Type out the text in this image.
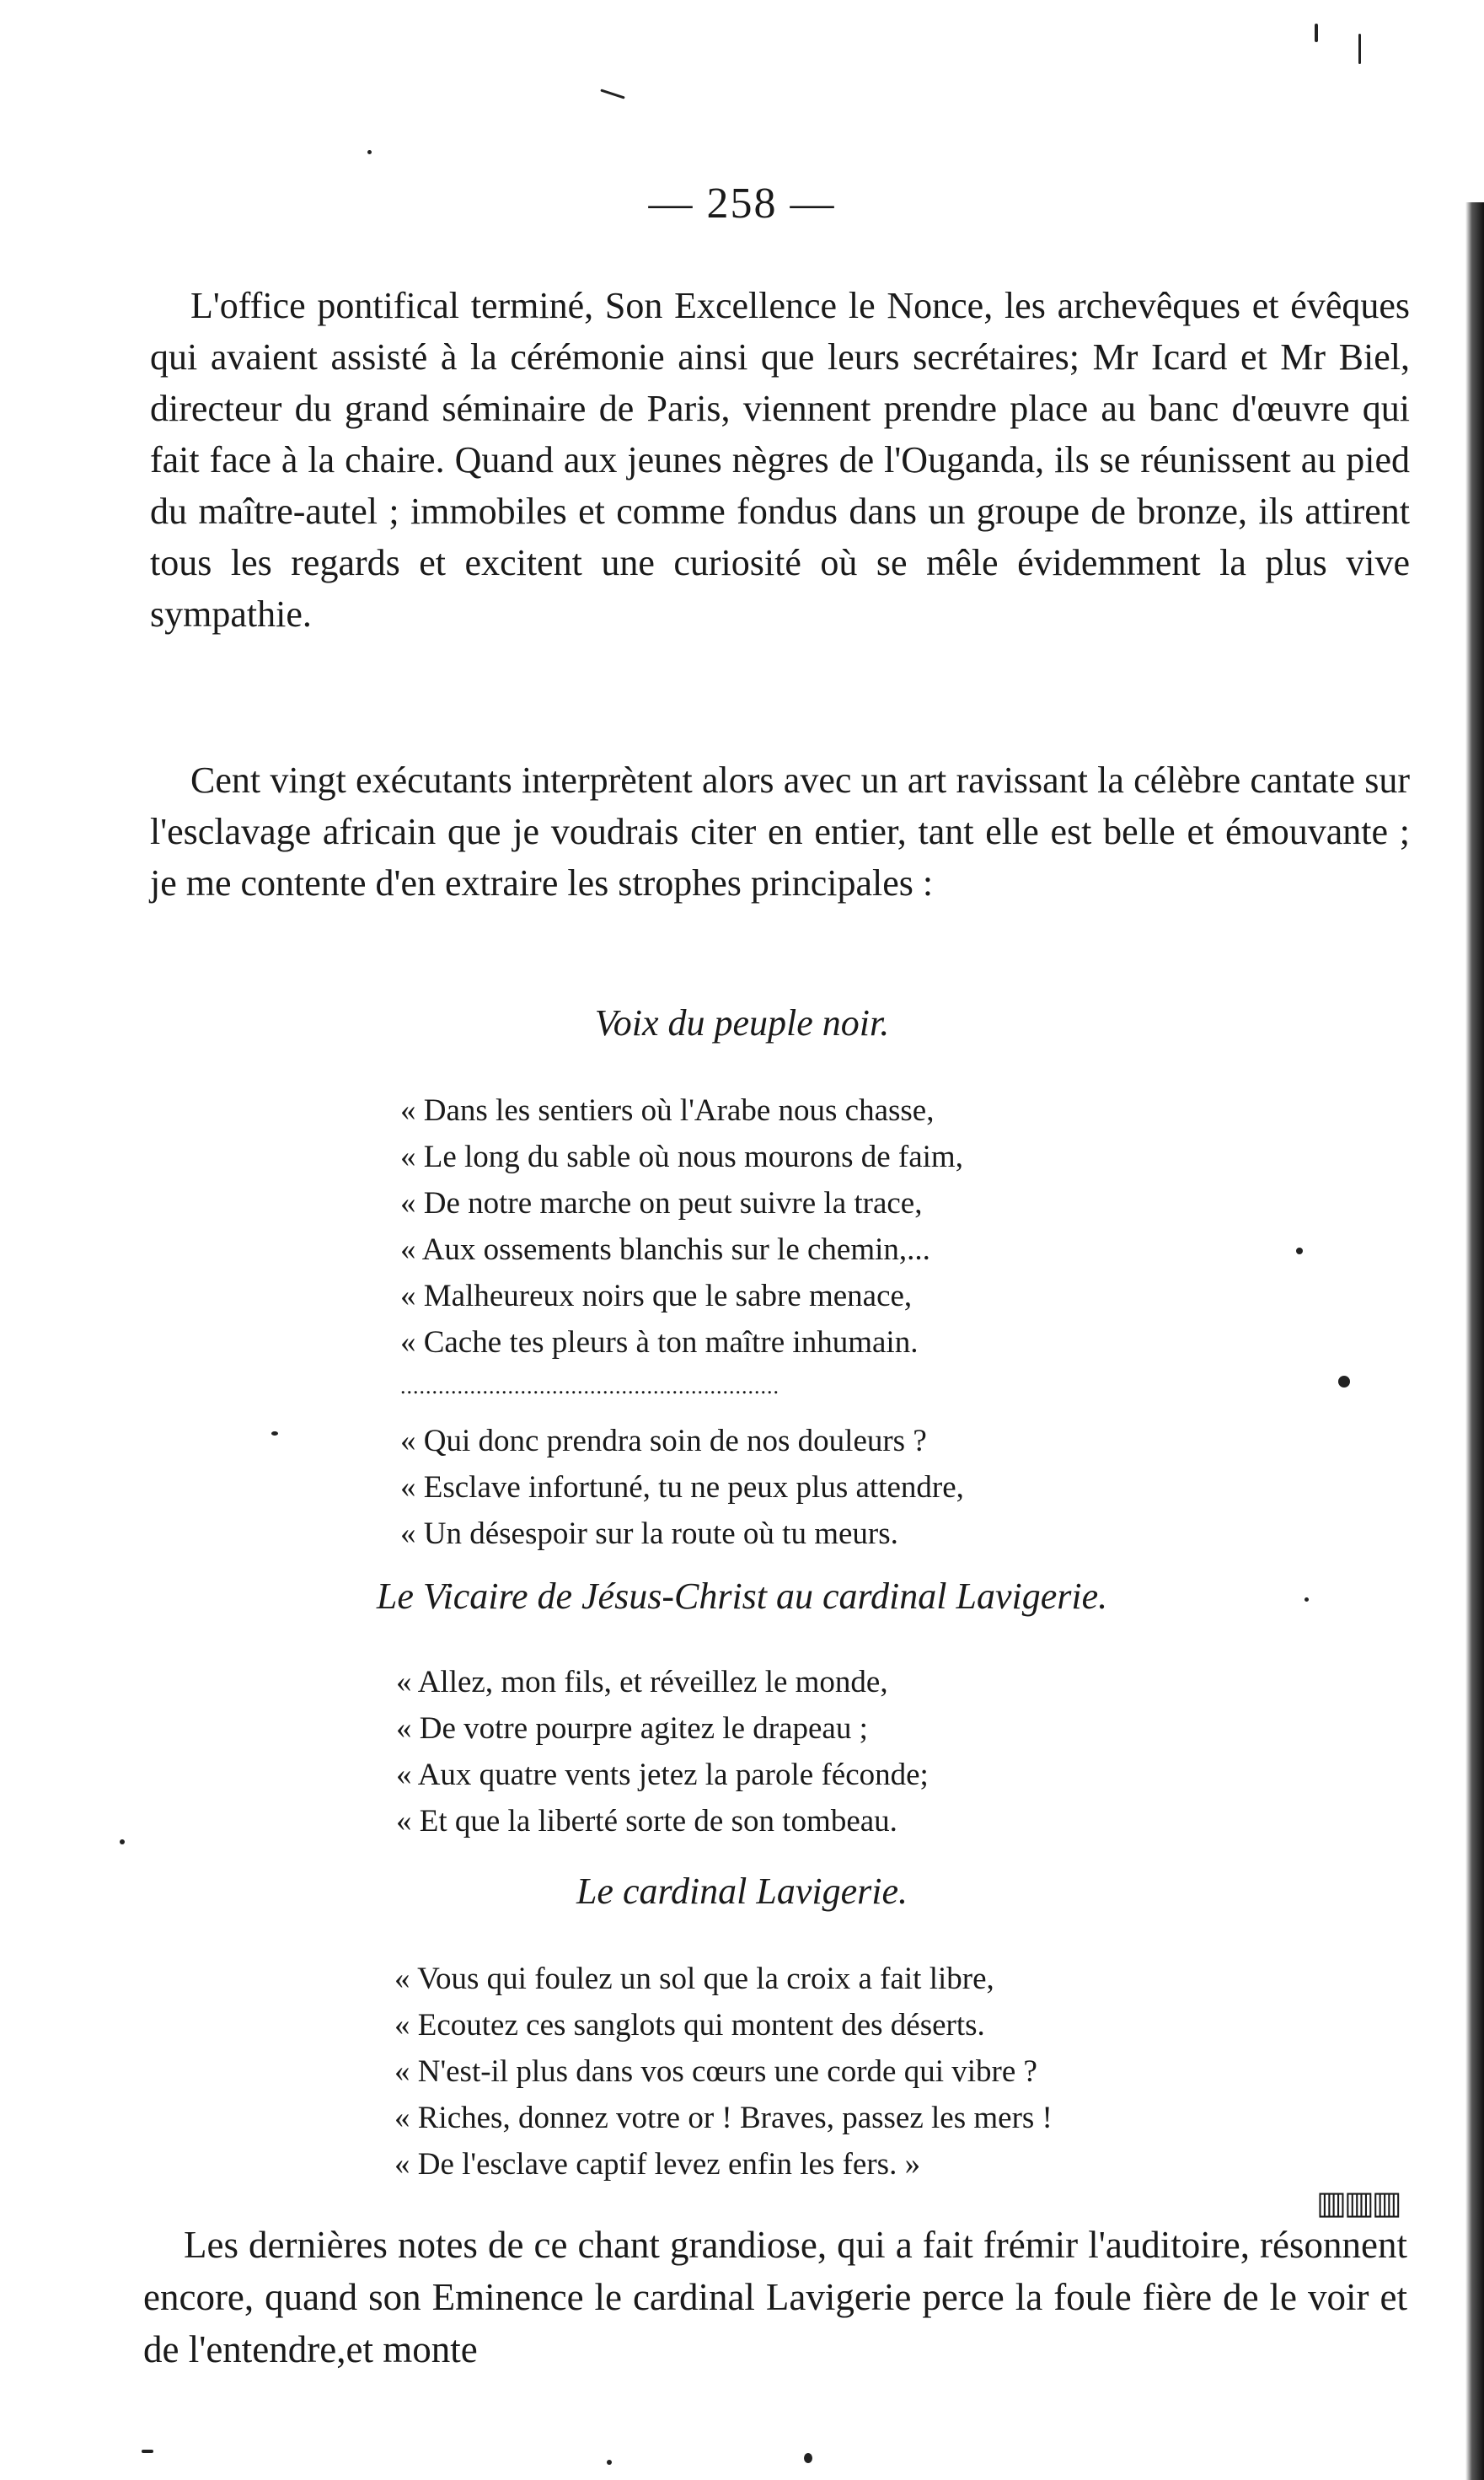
— 258 —

L'office pontifical terminé, Son Excellence le Nonce, les archevêques et évêques qui avaient assisté à la cérémonie ainsi que leurs secrétaires; Mr Icard et Mr Biel, directeur du grand séminaire de Paris, viennent prendre place au banc d'œuvre qui fait face à la chaire. Quand aux jeunes nègres de l'Ouganda, ils se réunissent au pied du maître-autel ; immobiles et comme fondus dans un groupe de bronze, ils attirent tous les regards et excitent une curiosité où se mêle évidemment la plus vive sympathie.

Cent vingt exécutants interprètent alors avec un art ravissant la célèbre cantate sur l'esclavage africain que je voudrais citer en entier, tant elle est belle et émouvante ; je me contente d'en extraire les strophes principales :

Voix du peuple noir.
« Dans les sentiers où l'Arabe nous chasse,
« Le long du sable où nous mourons de faim,
« De notre marche on peut suivre la trace,
« Aux ossements blanchis sur le chemin,...
« Malheureux noirs que le sabre menace,
« Cache tes pleurs à ton maître inhumain.
............................................................
« Qui donc prendra soin de nos douleurs ?
« Esclave infortuné, tu ne peux plus attendre,
« Un désespoir sur la route où tu meurs.
Le Vicaire de Jésus-Christ au cardinal Lavigerie.
« Allez, mon fils, et réveillez le monde,
« De votre pourpre agitez le drapeau ;
« Aux quatre vents jetez la parole féconde;
« Et que la liberté sorte de son tombeau.
Le cardinal Lavigerie.
« Vous qui foulez un sol que la croix a fait libre,
« Ecoutez ces sanglots qui montent des déserts.
« N'est-il plus dans vos cœurs une corde qui vibre ?
« Riches, donnez votre or ! Braves, passez les mers !
« De l'esclave captif levez enfin les fers. »
▥▥▥

Les dernières notes de ce chant grandiose, qui a fait frémir l'auditoire, résonnent encore, quand son Eminence le cardinal Lavigerie perce la foule fière de le voir et de l'entendre,et monte
